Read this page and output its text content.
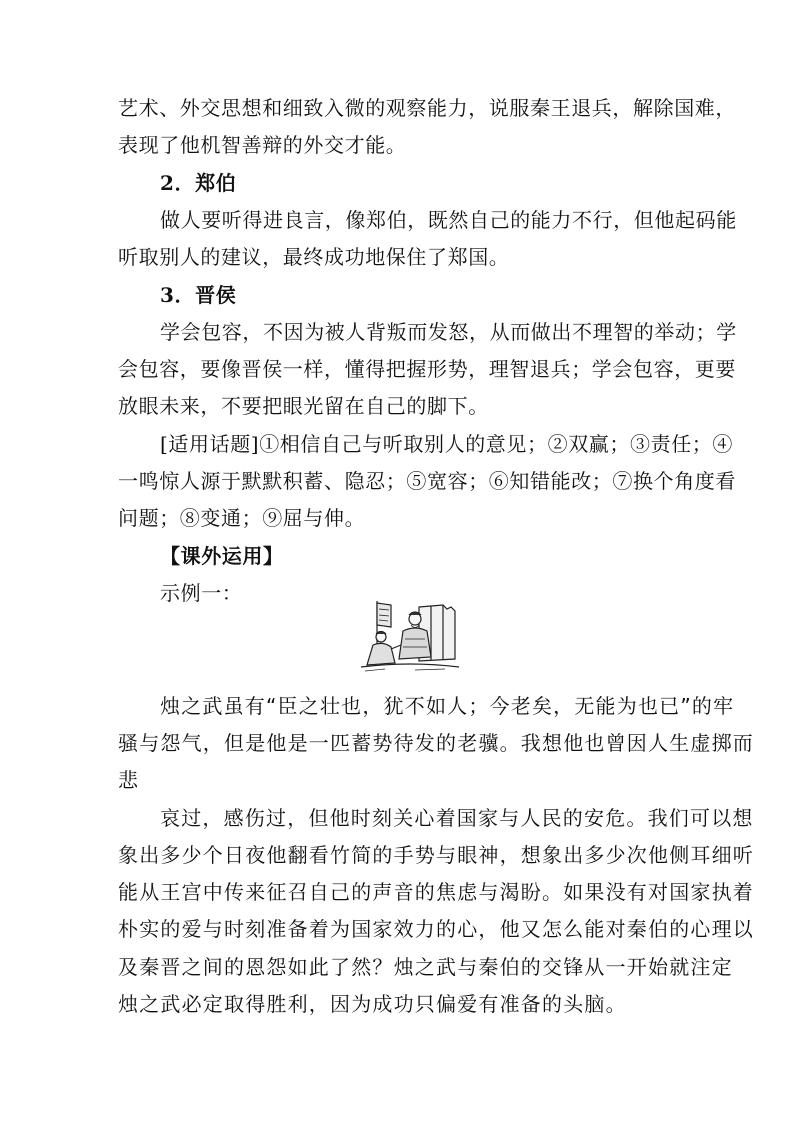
艺术、外交思想和细致入微的观察能力，说服秦王退兵，解除国难，
表现了他机智善辩的外交才能。
2．郑伯
做人要听得进良言，像郑伯，既然自己的能力不行，但他起码能
听取别人的建议，最终成功地保住了郑国。
3．晋侯
学会包容，不因为被人背叛而发怒，从而做出不理智的举动；学
会包容，要像晋侯一样，懂得把握形势，理智退兵；学会包容，更要
放眼未来，不要把眼光留在自己的脚下。
[适用话题]①相信自己与听取别人的意见；②双赢；③责任；④
一鸣惊人源于默默积蓄、隐忍；⑤宽容；⑥知错能改；⑦换个角度看
问题；⑧变通；⑨屈与伸。
【课外运用】
示例一：
烛之武虽有“臣之壮也，犹不如人；今老矣，无能为也已”的牢
骚与怨气，但是他是一匹蓄势待发的老骥。我想他也曾因人生虚掷而
悲
哀过，感伤过，但他时刻关心着国家与人民的安危。我们可以想
象出多少个日夜他翻看竹简的手势与眼神，想象出多少次他侧耳细听
能从王宫中传来征召自己的声音的焦虑与渴盼。如果没有对国家执着
朴实的爱与时刻准备着为国家效力的心，他又怎么能对秦伯的心理以
及秦晋之间的恩怨如此了然？烛之武与秦伯的交锋从一开始就注定
烛之武必定取得胜利，因为成功只偏爱有准备的头脑。
